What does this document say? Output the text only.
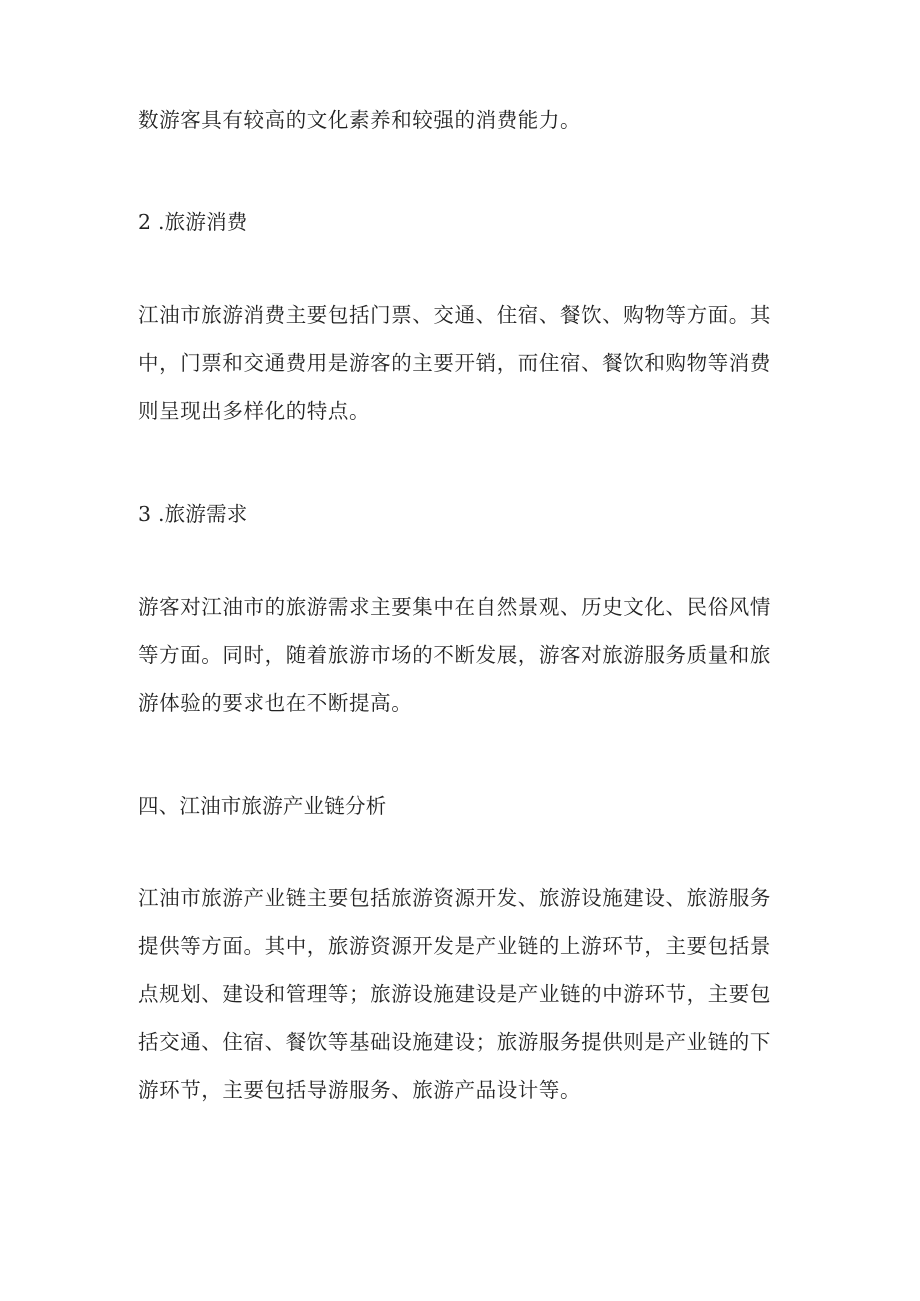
数游客具有较高的文化素养和较强的消费能力。

2 .旅游消费

江油市旅游消费主要包括门票、交通、住宿、餐饮、购物等方面。其

中，门票和交通费用是游客的主要开销，而住宿、餐饮和购物等消费

则呈现出多样化的特点。

3 .旅游需求

游客对江油市的旅游需求主要集中在自然景观、历史文化、民俗风情

等方面。同时，随着旅游市场的不断发展，游客对旅游服务质量和旅

游体验的要求也在不断提高。

四、江油市旅游产业链分析

江油市旅游产业链主要包括旅游资源开发、旅游设施建设、旅游服务

提供等方面。其中，旅游资源开发是产业链的上游环节，主要包括景

点规划、建设和管理等；旅游设施建设是产业链的中游环节，主要包

括交通、住宿、餐饮等基础设施建设；旅游服务提供则是产业链的下

游环节，主要包括导游服务、旅游产品设计等。
